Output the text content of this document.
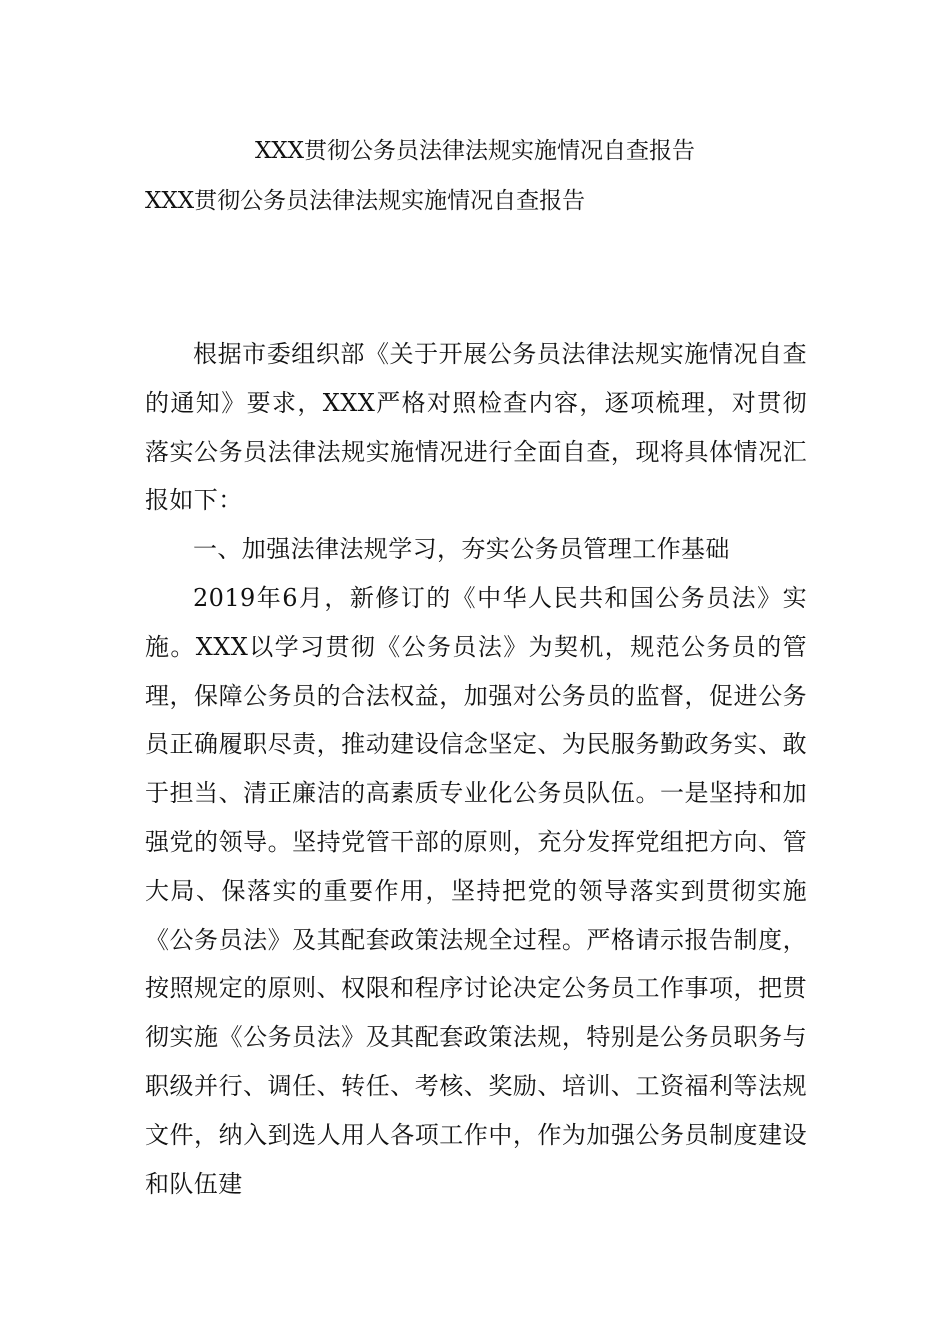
XXX贯彻公务员法律法规实施情况自查报告
XXX贯彻公务员法律法规实施情况自查报告

根据市委组织部《关于开展公务员法律法规实施情况自查的通知》要求，XXX严格对照检查内容，逐项梳理，对贯彻落实公务员法律法规实施情况进行全面自查，现将具体情况汇报如下：

一、加强法律法规学习，夯实公务员管理工作基础

2019年6月，新修订的《中华人民共和国公务员法》实施。XXX以学习贯彻《公务员法》为契机，规范公务员的管理，保障公务员的合法权益，加强对公务员的监督，促进公务员正确履职尽责，推动建设信念坚定、为民服务勤政务实、敢于担当、清正廉洁的高素质专业化公务员队伍。一是坚持和加强党的领导。坚持党管干部的原则，充分发挥党组把方向、管大局、保落实的重要作用，坚持把党的领导落实到贯彻实施《公务员法》及其配套政策法规全过程。严格请示报告制度，按照规定的原则、权限和程序讨论决定公务员工作事项，把贯彻实施《公务员法》及其配套政策法规，特别是公务员职务与职级并行、调任、转任、考核、奖励、培训、工资福利等法规文件，纳入到选人用人各项工作中，作为加强公务员制度建设和队伍建
